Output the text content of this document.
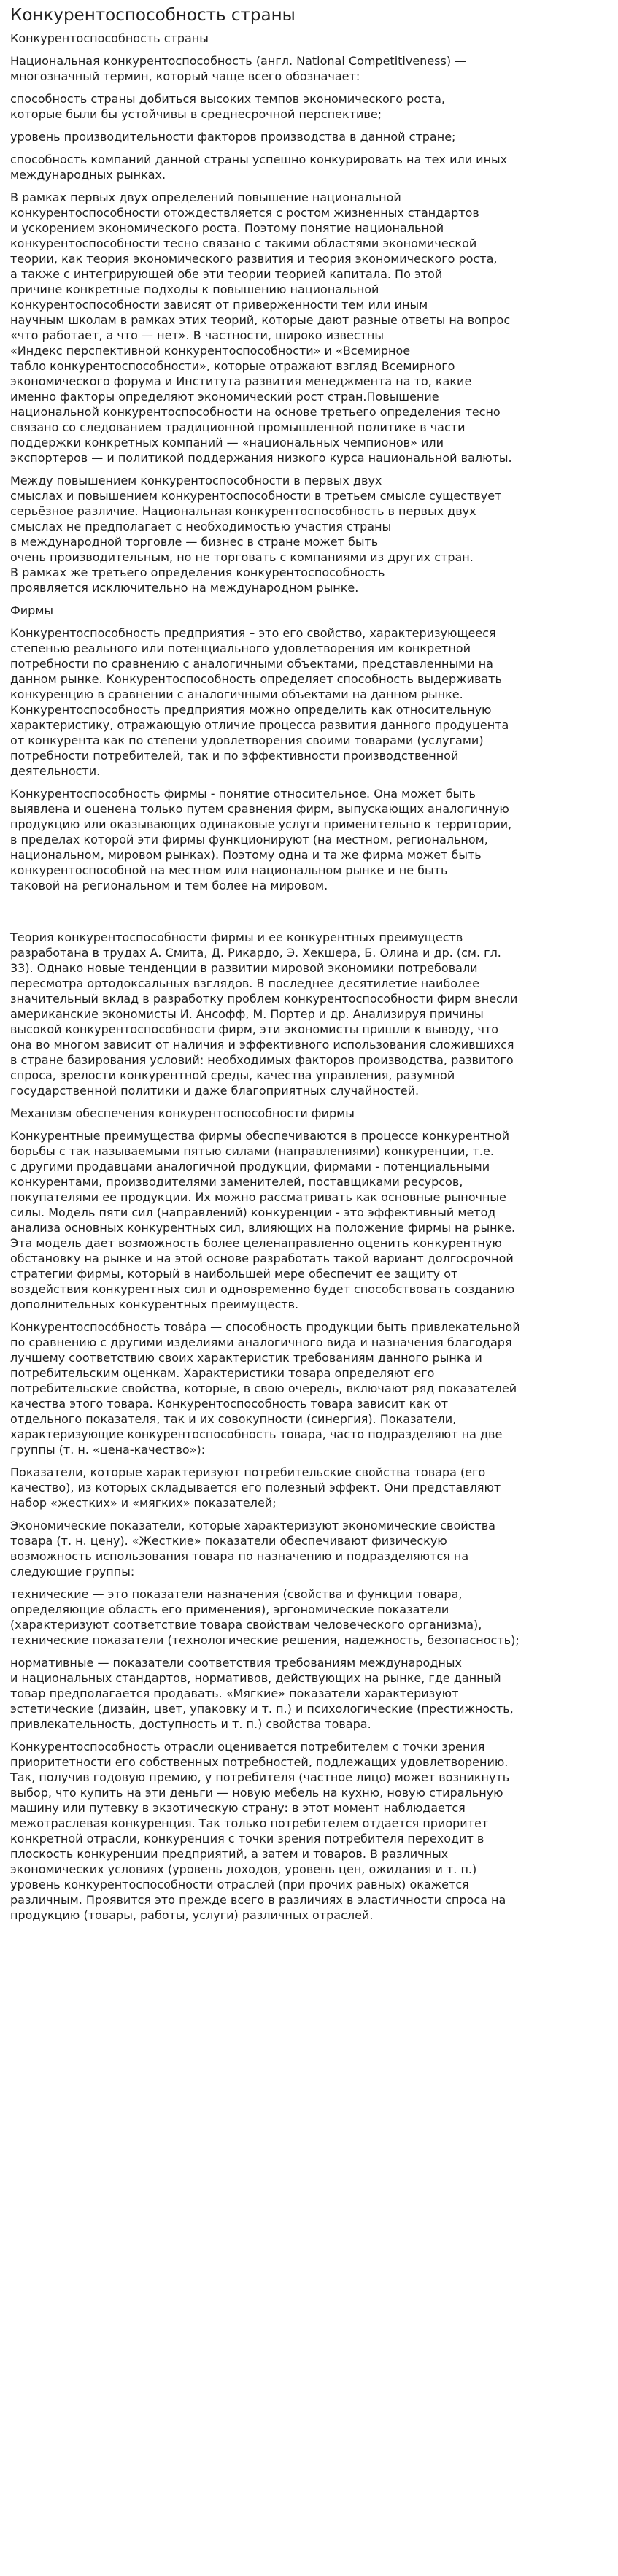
Конкурентоспособность страны
Конкурентоспособность страны

Национальная конкурентоспособность (англ. National Competitiveness) —
многозначный термин, который чаще всего обозначает:

способность страны добиться высоких темпов экономического роста,
которые были бы устойчивы в среднесрочной перспективе;

уровень производительности факторов производства в данной стране;

способность компаний данной страны успешно конкурировать на тех или иных
международных рынках.

В рамках первых двух определений повышение национальной
конкурентоспособности отождествляется с ростом жизненных стандартов
и ускорением экономического роста. Поэтому понятие национальной
конкурентоспособности тесно связано с такими областями экономической
теории, как теория экономического развития и теория экономического роста,
а также с интегрирующей обе эти теории теорией капитала. По этой
причине конкретные подходы к повышению национальной
конкурентоспособности зависят от приверженности тем или иным
научным школам в рамках этих теорий, которые дают разные ответы на вопрос
«что работает, а что — нет». В частности, широко известны
«Индекс перспективной конкурентоспособности» и «Всемирное
табло конкурентоспособности», которые отражают взгляд Всемирного
экономического форума и Института развития менеджмента на то, какие
именно факторы определяют экономический рост стран.Повышение
национальной конкурентоспособности на основе третьего определения тесно
связано со следованием традиционной промышленной политике в части
поддержки конкретных компаний — «национальных чемпионов» или
экспортеров — и политикой поддержания низкого курса национальной валюты.

Между повышением конкурентоспособности в первых двух
смыслах и повышением конкурентоспособности в третьем смысле существует
серьёзное различие. Национальная конкурентоспособность в первых двух
смыслах не предполагает с необходимостью участия страны
в международной торговле — бизнес в стране может быть
очень производительным, но не торговать с компаниями из других стран.
В рамках же третьего определения конкурентоспособность
проявляется исключительно на международном рынке.

Фирмы

Конкурентоспособность предприятия – это его свойство, характеризующееся
степенью реального или потенциального удовлетворения им конкретной
потребности по сравнению с аналогичными объектами, представленными на
данном рынке. Конкурентоспособность определяет способность выдерживать
конкуренцию в сравнении с аналогичными объектами на данном рынке.
Конкурентоспособность предприятия можно определить как относительную
характеристику, отражающую отличие процесса развития данного продуцента
от конкурента как по степени удовлетворения своими товарами (услугами)
потребности потребителей, так и по эффективности производственной
деятельности.

Конкурентоспособность фирмы - понятие относительное. Она может быть
выявлена и оценена только путем сравнения фирм, выпускающих аналогичную
продукцию или оказывающих одинаковые услуги применительно к территории,
в пределах которой эти фирмы функционируют (на местном, региональном,
национальном, мировом рынках). Поэтому одна и та же фирма может быть
конкурентоспособной на местном или национальном рынке и не быть
таковой на региональном и тем более на мировом.

Теория конкурентоспособности фирмы и ее конкурентных преимуществ
разработана в трудах А. Смита, Д. Рикардо, Э. Хекшера, Б. Олина и др. (см. гл.
33). Однако новые тенденции в развитии мировой экономики потребовали
пересмотра ортодоксальных взглядов. В последнее десятилетие наиболее
значительный вклад в разработку проблем конкурентоспособности фирм внесли
американские экономисты И. Ансофф, М. Портер и др. Анализируя причины
высокой конкурентоспособности фирм, эти экономисты пришли к выводу, что
она во многом зависит от наличия и эффективного использования сложившихся
в стране базирования условий: необходимых факторов производства, развитого
спроса, зрелости конкурентной среды, качества управления, разумной
государственной политики и даже благоприятных случайностей.

Механизм обеспечения конкурентоспособности фирмы

Конкурентные преимущества фирмы обеспечиваются в процессе конкурентной
борьбы с так называемыми пятью силами (направлениями) конкуренции, т.е.
с другими продавцами аналогичной продукции, фирмами - потенциальными
конкурентами, производителями заменителей, поставщиками ресурсов,
покупателями ее продукции. Их можно рассматривать как основные рыночные
силы. Модель пяти сил (направлений) конкуренции - это эффективный метод
анализа основных конкурентных сил, влияющих на положение фирмы на рынке.
Эта модель дает возможность более целенаправленно оценить конкурентную
обстановку на рынке и на этой основе разработать такой вариант долгосрочной
стратегии фирмы, который в наибольшей мере обеспечит ее защиту от
воздействия конкурентных сил и одновременно будет способствовать созданию
дополнительных конкурентных преимуществ.

Конкурентоспосо́бность това́ра — способность продукции быть привлекательной
по сравнению с другими изделиями аналогичного вида и назначения благодаря
лучшему соответствию своих характеристик требованиям данного рынка и
потребительским оценкам. Характеристики товара определяют его
потребительские свойства, которые, в свою очередь, включают ряд показателей
качества этого товара. Конкурентоспособность товара зависит как от
отдельного показателя, так и их совокупности (синергия). Показатели,
характеризующие конкурентоспособность товара, часто подразделяют на две
группы (т. н. «цена-качество»):

Показатели, которые характеризуют потребительские свойства товара (его
качество), из которых складывается его полезный эффект. Они представляют
набор «жестких» и «мягких» показателей;

Экономические показатели, которые характеризуют экономические свойства
товара (т. н. цену). «Жесткие» показатели обеспечивают физическую
возможность использования товара по назначению и подразделяются на
следующие группы:

технические — это показатели назначения (свойства и функции товара,
определяющие область его применения), эргономические показатели
(характеризуют соответствие товара свойствам человеческого организма),
технические показатели (технологические решения, надежность, безопасность);

нормативные — показатели соответствия требованиям международных
и национальных стандартов, нормативов, действующих на рынке, где данный
товар предполагается продавать. «Мягкие» показатели характеризуют
эстетические (дизайн, цвет, упаковку и т. п.) и психологические (престижность,
привлекательность, доступность и т. п.) свойства товара.

Конкурентоспособность отрасли оценивается потребителем с точки зрения
приоритетности его собственных потребностей, подлежащих удовлетворению.
Так, получив годовую премию, у потребителя (частное лицо) может возникнуть
выбор, что купить на эти деньги — новую мебель на кухню, новую стиральную
машину или путевку в экзотическую страну: в этот момент наблюдается
межотраслевая конкуренция. Так только потребителем отдается приоритет
конкретной отрасли, конкуренция с точки зрения потребителя переходит в
плоскость конкуренции предприятий, а затем и товаров. В различных
экономических условиях (уровень доходов, уровень цен, ожидания и т. п.)
уровень конкурентоспособности отраслей (при прочих равных) окажется
различным. Проявится это прежде всего в различиях в эластичности спроса на
продукцию (товары, работы, услуги) различных отраслей.
